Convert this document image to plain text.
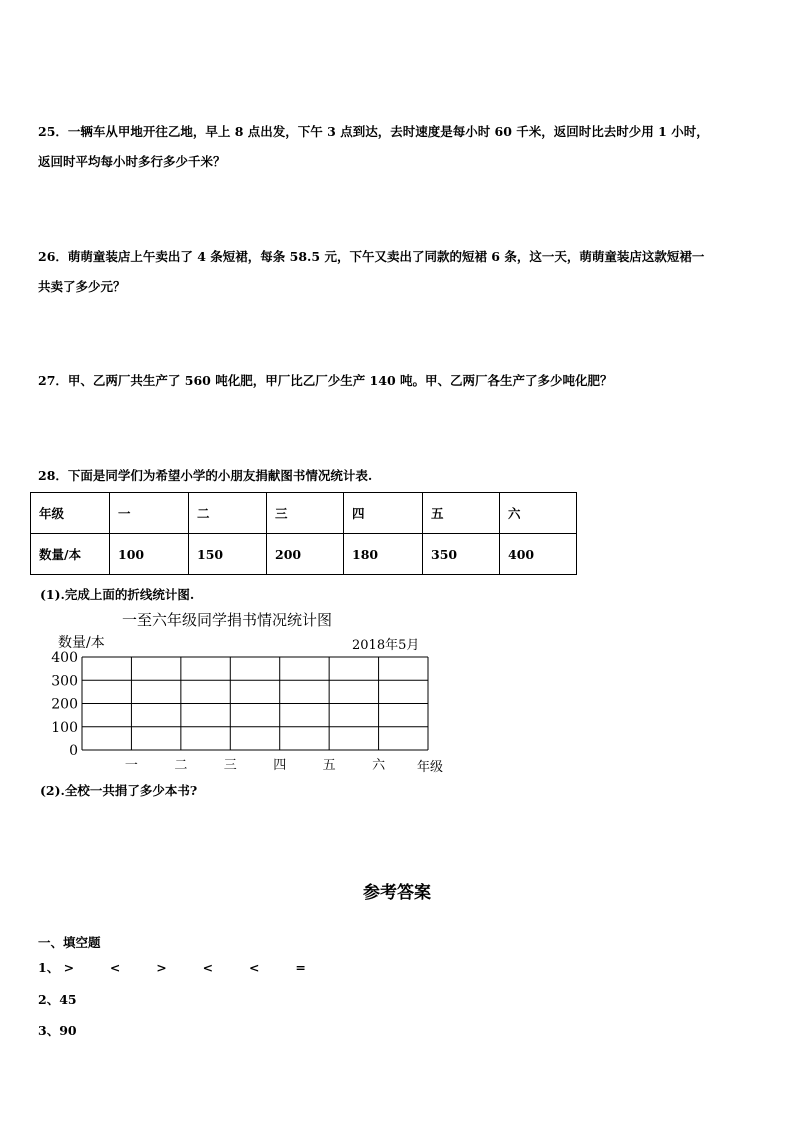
25．一辆车从甲地开往乙地，早上 8 点出发，下午 3 点到达，去时速度是每小时 60 千米，返回时比去时少用 1 小时，
返回时平均每小时多行多少千米？
26．萌萌童装店上午卖出了 4 条短裙，每条 58.5 元，下午又卖出了同款的短裙 6 条，这一天，萌萌童装店这款短裙一
共卖了多少元？
27．甲、乙两厂共生产了 560 吨化肥，甲厂比乙厂少生产 140 吨。甲、乙两厂各生产了多少吨化肥？
28．下面是同学们为希望小学的小朋友捐献图书情况统计表.
年级	一	二	三	四	五	六
数量/本	100	150	200	180	350	400
(1).完成上面的折线统计图.
一至六年级同学捐书情况统计图
数量/本	2018年5月
0
100
200
300
400
一	二	三	四	五	六 年级
(2).全校一共捐了多少本书?
参考答案
一、填空题
1、 >	<	>	<	<	=
2、45
3、90
